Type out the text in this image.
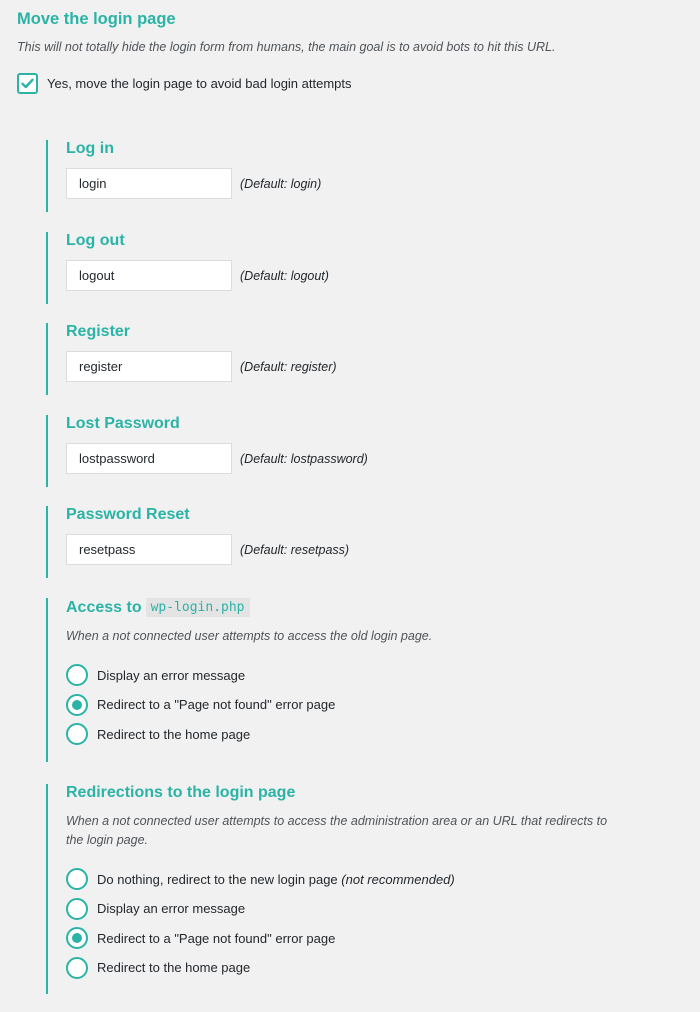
Move the login page
This will not totally hide the login form from humans, the main goal is to avoid bots to hit this URL.
Yes, move the login page to avoid bad login attempts
Log in
login
(Default: login)
Log out
logout
(Default: logout)
Register
register
(Default: register)
Lost Password
lostpassword
(Default: lostpassword)
Password Reset
resetpass
(Default: resetpass)
Access to wp-login.php
When a not connected user attempts to access the old login page.
Display an error message
Redirect to a "Page not found" error page
Redirect to the home page
Redirections to the login page
When a not connected user attempts to access the administration area or an URL that redirects to the login page.
Do nothing, redirect to the new login page (not recommended)
Display an error message
Redirect to a "Page not found" error page
Redirect to the home page
